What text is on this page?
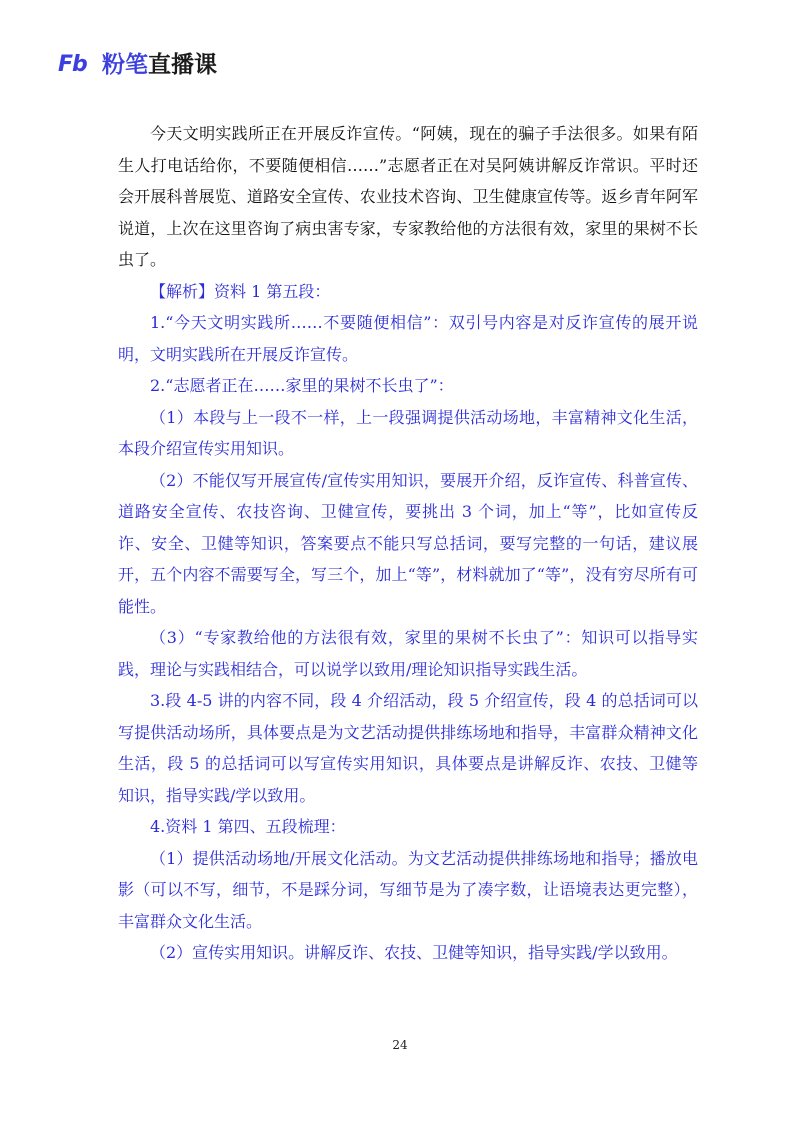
Fb 粉笔直播课

今天文明实践所正在开展反诈宣传。“阿姨，现在的骗子手法很多。如果有陌生人打电话给你，不要随便相信……”志愿者正在对吴阿姨讲解反诈常识。平时还会开展科普展览、道路安全宣传、农业技术咨询、卫生健康宣传等。返乡青年阿军说道，上次在这里咨询了病虫害专家，专家教给他的方法很有效，家里的果树不长虫了。

【解析】资料 1 第五段：

1.“今天文明实践所……不要随便相信”：双引号内容是对反诈宣传的展开说明，文明实践所在开展反诈宣传。

2.“志愿者正在……家里的果树不长虫了”：

（1）本段与上一段不一样，上一段强调提供活动场地，丰富精神文化生活，本段介绍宣传实用知识。

（2）不能仅写开展宣传/宣传实用知识，要展开介绍，反诈宣传、科普宣传、道路安全宣传、农技咨询、卫健宣传，要挑出 3 个词，加上“等”，比如宣传反诈、安全、卫健等知识，答案要点不能只写总括词，要写完整的一句话，建议展开，五个内容不需要写全，写三个，加上“等”，材料就加了“等”，没有穷尽所有可能性。

（3）“专家教给他的方法很有效，家里的果树不长虫了”：知识可以指导实践，理论与实践相结合，可以说学以致用/理论知识指导实践生活。

3.段 4-5 讲的内容不同，段 4 介绍活动，段 5 介绍宣传，段 4 的总括词可以写提供活动场所，具体要点是为文艺活动提供排练场地和指导，丰富群众精神文化生活，段 5 的总括词可以写宣传实用知识，具体要点是讲解反诈、农技、卫健等知识，指导实践/学以致用。

4.资料 1 第四、五段梳理：

（1）提供活动场地/开展文化活动。为文艺活动提供排练场地和指导；播放电影（可以不写，细节，不是踩分词，写细节是为了凑字数，让语境表达更完整），丰富群众文化生活。

（2）宣传实用知识。讲解反诈、农技、卫健等知识，指导实践/学以致用。

24
